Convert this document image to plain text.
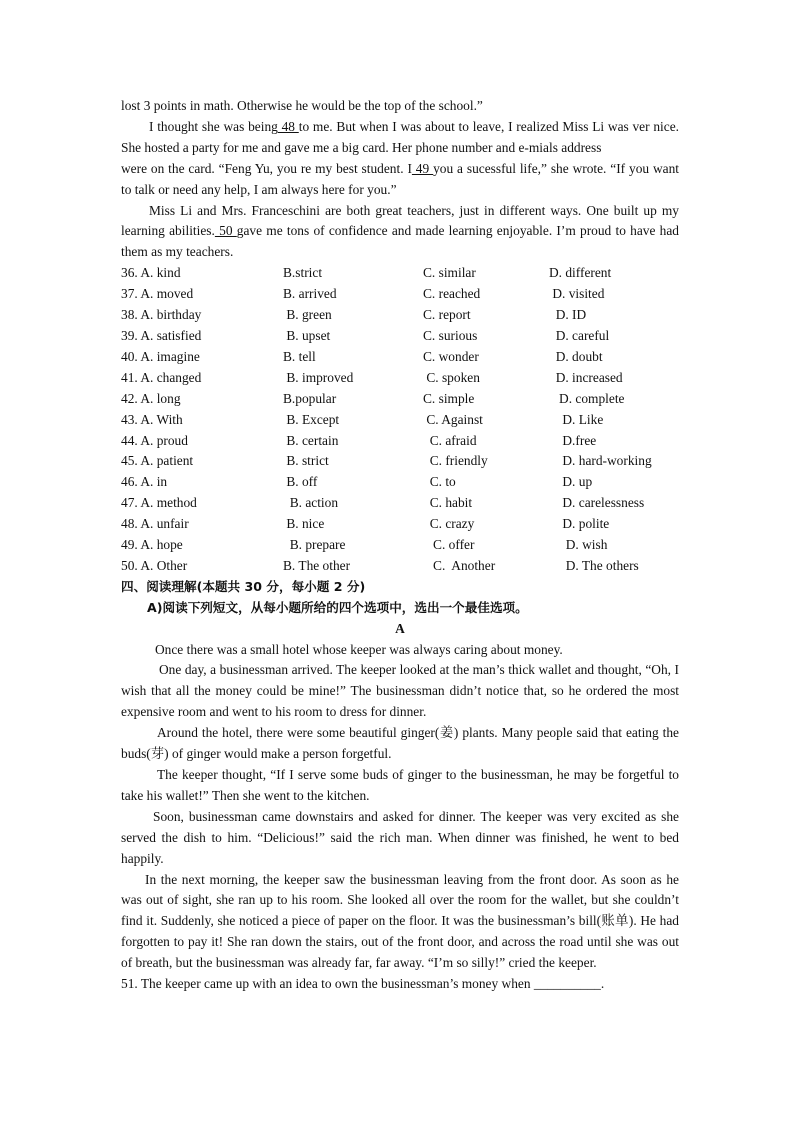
lost 3 points in math. Otherwise he would be the top of the school.”

I thought she was being 48 to me. But when I was about to leave, I realized Miss Li was ver nice. She hosted a party for me and gave me a big card. Her phone number and e-mials address

were on the card. “Feng Yu, you re my best student. I 49 you a sucessful life,” she wrote. “If you want to talk or need any help, I am always here for you.”

Miss Li and Mrs. Franceschini are both great teachers, just in different ways. One built up my learning abilities. 50 gave me tons of confidence and made learning enjoyable. I’m proud to have had them as my teachers.

36. A. kind	B.strict	C. similar	D. different
37. A. moved	B. arrived	C. reached	D. visited
38. A. birthday	B. green	C. report	D. ID
39. A. satisfied	B. upset	C. surious	D. careful
40. A. imagine	B. tell	C. wonder	D. doubt
41. A. changed	B. improved	C. spoken	D. increased
42. A. long	B.popular	C. simple	D. complete
43. A. With	B. Except	C. Against	D. Like
44. A. proud	B. certain	C. afraid	D.free
45. A. patient	B. strict	C. friendly	D. hard-working
46. A. in	B. off	C. to	D. up
47. A. method	B. action	C. habit	D. carelessness
48. A. unfair	B. nice	C. crazy	D. polite
49. A. hope	B. prepare	C. offer	D. wish
50. A. Other	B. The other	C.  Another	D. The others

四、阅读理解(本题共 30 分，每小题 2 分)

A)阅读下列短文，从每小题所给的四个选项中，选出一个最佳选项。

A

Once there was a small hotel whose keeper was always caring about money.

One day, a businessman arrived. The keeper looked at the man’s thick wallet and thought, “Oh, I wish that all the money could be mine!” The businessman didn’t notice that, so he ordered the most expensive room and went to his room to dress for dinner.

Around the hotel, there were some beautiful ginger(姜) plants. Many people said that eating the buds(芽) of ginger would make a person forgetful.

The keeper thought, “If I serve some buds of ginger to the businessman, he may be forgetful to take his wallet!” Then she went to the kitchen.

Soon, businessman came downstairs and asked for dinner. The keeper was very excited as she served the dish to him. “Delicious!” said the rich man. When dinner was finished, he went to bed happily.

In the next morning, the keeper saw the businessman leaving from the front door. As soon as he was out of sight, she ran up to his room. She looked all over the room for the wallet, but she couldn’t find it. Suddenly, she noticed a piece of paper on the floor. It was the businessman’s bill(账单). He had forgotten to pay it! She ran down the stairs, out of the front door, and across the road until she was out of breath, but the businessman was already far, far away. “I’m so silly!” cried the keeper.

51. The keeper came up with an idea to own the businessman’s money when __________.
